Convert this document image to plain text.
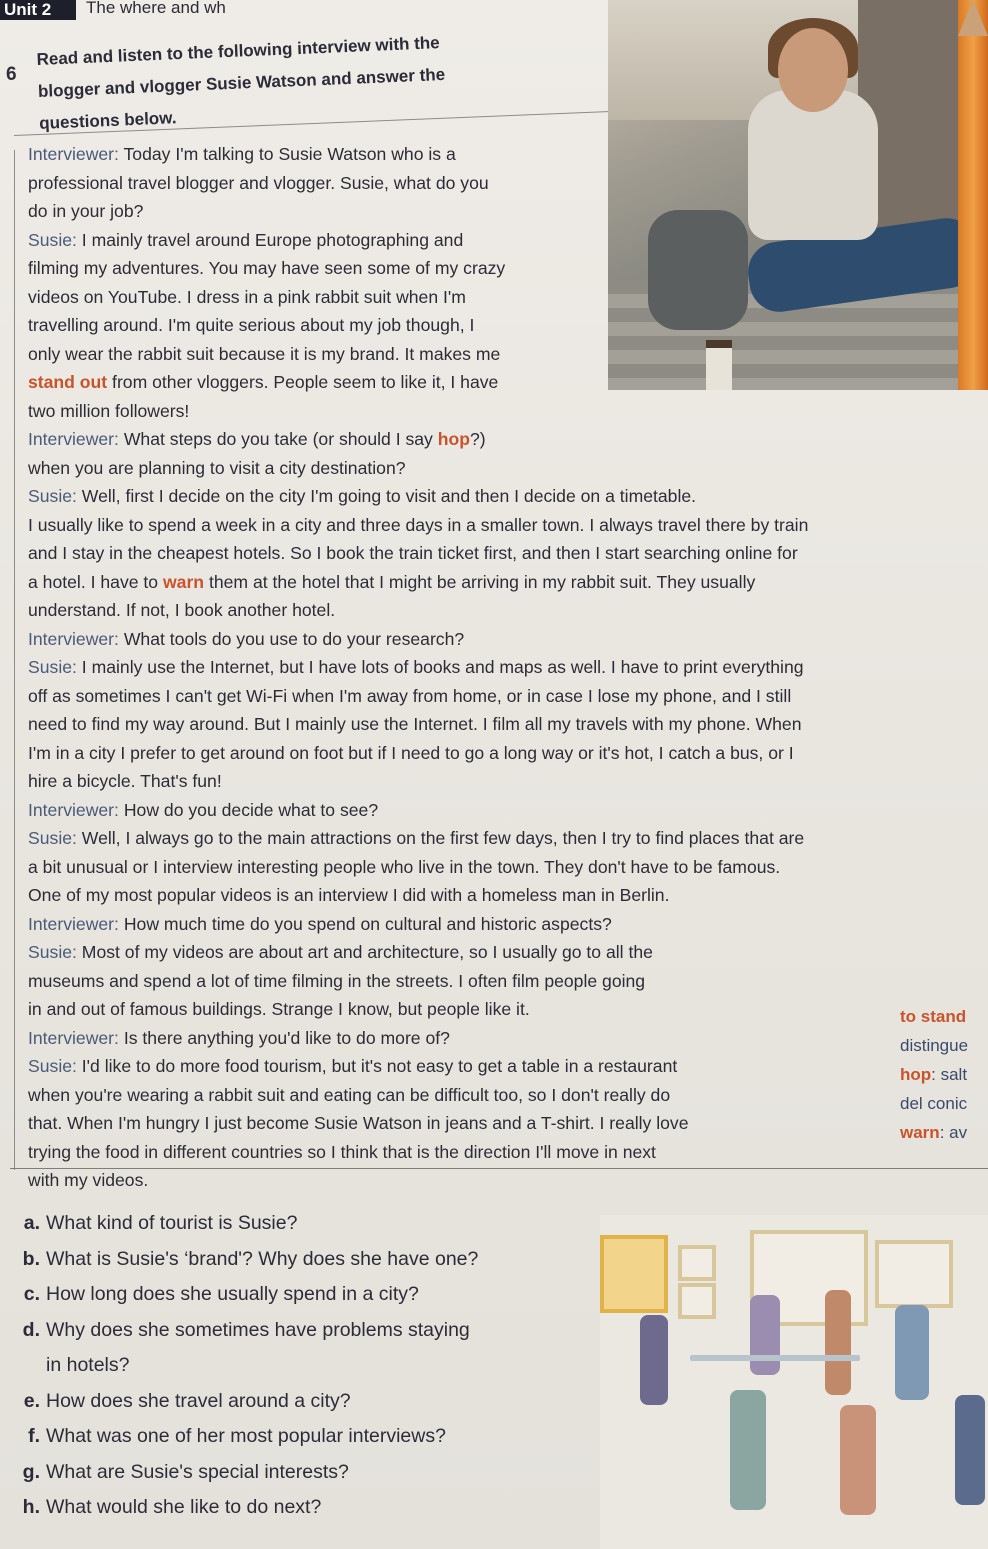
Unit 2	The where and wh
6
Read and listen to the following interview with the
blogger and vlogger Susie Watson and answer the
questions below.
Interviewer: Today I'm talking to Susie Watson who is a
professional travel blogger and vlogger. Susie, what do you
do in your job?
Susie: I mainly travel around Europe photographing and
filming my adventures. You may have seen some of my crazy
videos on YouTube. I dress in a pink rabbit suit when I'm
travelling around. I'm quite serious about my job though, I
only wear the rabbit suit because it is my brand. It makes me
stand out from other vloggers. People seem to like it, I have
two million followers!
Interviewer: What steps do you take (or should I say hop?)
when you are planning to visit a city destination?
Susie: Well, first I decide on the city I'm going to visit and then I decide on a timetable.
I usually like to spend a week in a city and three days in a smaller town. I always travel there by train
and I stay in the cheapest hotels. So I book the train ticket first, and then I start searching online for
a hotel. I have to warn them at the hotel that I might be arriving in my rabbit suit. They usually
understand. If not, I book another hotel.
Interviewer: What tools do you use to do your research?
Susie: I mainly use the Internet, but I have lots of books and maps as well. I have to print everything
off as sometimes I can't get Wi-Fi when I'm away from home, or in case I lose my phone, and I still
need to find my way around. But I mainly use the Internet. I film all my travels with my phone. When
I'm in a city I prefer to get around on foot but if I need to go a long way or it's hot, I catch a bus, or I
hire a bicycle. That's fun!
Interviewer: How do you decide what to see?
Susie: Well, I always go to the main attractions on the first few days, then I try to find places that are
a bit unusual or I interview interesting people who live in the town. They don't have to be famous.
One of my most popular videos is an interview I did with a homeless man in Berlin.
Interviewer: How much time do you spend on cultural and historic aspects?
Susie: Most of my videos are about art and architecture, so I usually go to all the
museums and spend a lot of time filming in the streets. I often film people going
in and out of famous buildings. Strange I know, but people like it.
Interviewer: Is there anything you'd like to do more of?
Susie: I'd like to do more food tourism, but it's not easy to get a table in a restaurant
when you're wearing a rabbit suit and eating can be difficult too, so I don't really do
that. When I'm hungry I just become Susie Watson in jeans and a T-shirt. I really love
trying the food in different countries so I think that is the direction I'll move in next
with my videos.
to stand
distingue
hop: salt
del conic
warn: av
a. What kind of tourist is Susie?
b. What is Susie's ‘brand'? Why does she have one?
c. How long does she usually spend in a city?
d. Why does she sometimes have problems staying
in hotels?
e. How does she travel around a city?
f. What was one of her most popular interviews?
g. What are Susie's special interests?
h. What would she like to do next?
